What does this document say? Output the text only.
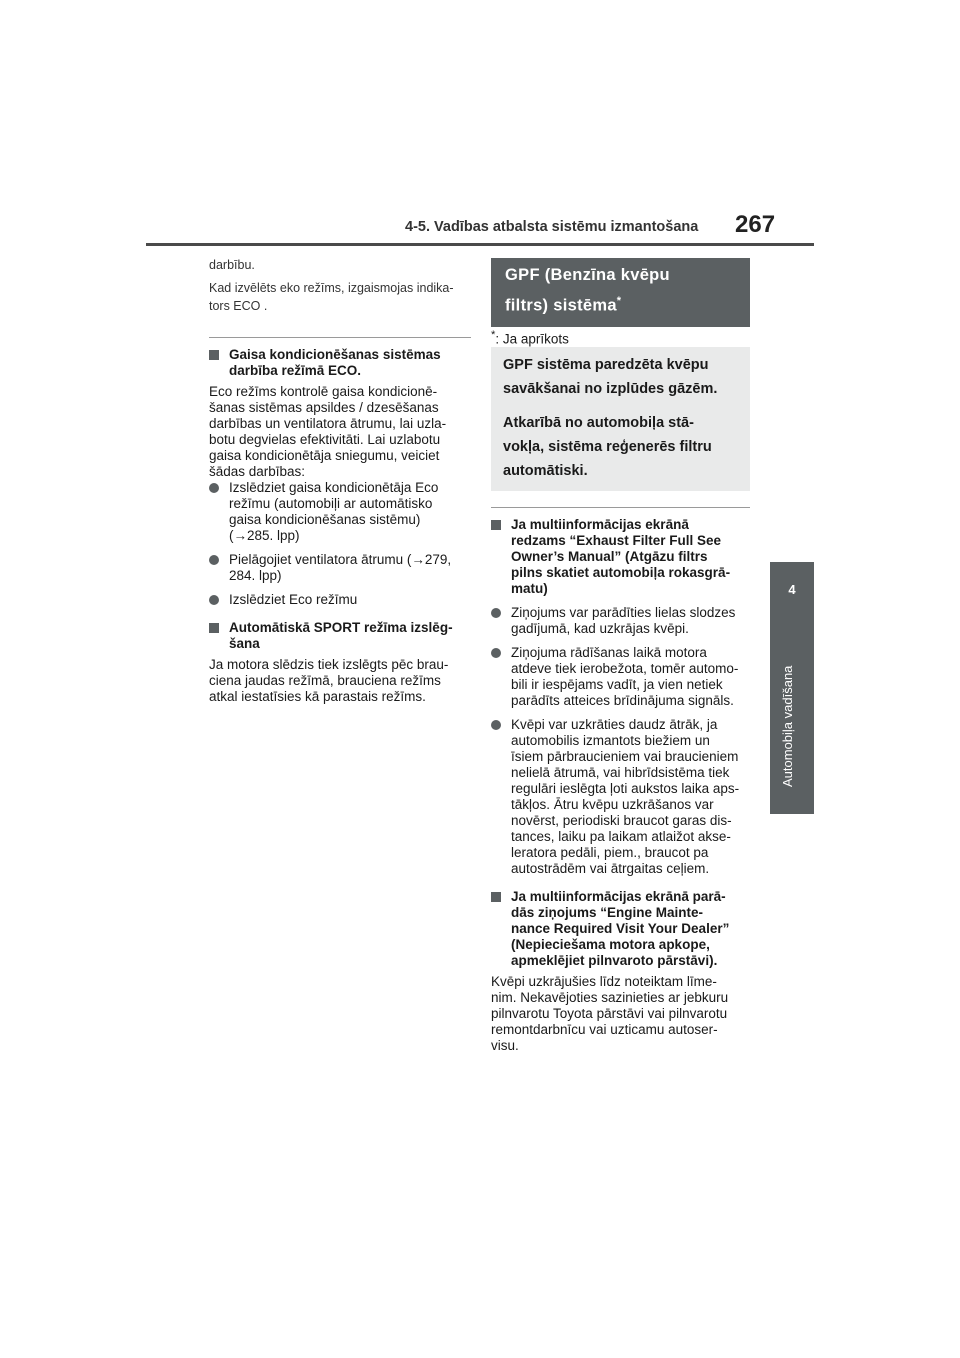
4-5. Vadības atbalsta sistēmu izmantošana 267
4
Automobiļa vadīšana

darbību.

Kad izvēlēts eko režīms, izgaismojas indika-
tors ECO .

Gaisa kondicionēšanas sistēmas
darbība režīmā ECO.

Eco režīms kontrolē gaisa kondicionē-
šanas sistēmas apsildes / dzesēšanas
darbības un ventilatora ātrumu, lai uzla-
botu degvielas efektivitāti. Lai uzlabotu
gaisa kondicionētāja sniegumu, veiciet
šādas darbības:

Izslēdziet gaisa kondicionētāja Eco
režīmu (automobiļi ar automātisko
gaisa kondicionēšanas sistēmu)
(→285. lpp)
Pielāgojiet ventilatora ātrumu (→279,
284. lpp)
Izslēdziet Eco režīmu
Automātiskā SPORT režīma izslēg-
šana

Ja motora slēdzis tiek izslēgts pēc brau-
ciena jaudas režīmā, brauciena režīms
atkal iestatīsies kā parastais režīms.

GPF (Benzīna kvēpu
filtrs) sistēma*

*: Ja aprīkots

GPF sistēma paredzēta kvēpu
savākšanai no izplūdes gāzēm.

Atkarībā no automobiļa stā-
vokļa, sistēma reģenerēs filtru
automātiski.

Ja multiinformācijas ekrānā
redzams “Exhaust Filter Full See
Owner’s Manual” (Atgāzu filtrs
pilns skatiet automobiļa rokasgrā-
matu)
Ziņojums var parādīties lielas slodzes
gadījumā, kad uzkrājas kvēpi.
Ziņojuma rādīšanas laikā motora
atdeve tiek ierobežota, tomēr automo-
bili ir iespējams vadīt, ja vien netiek
parādīts atteices brīdinājuma signāls.
Kvēpi var uzkrāties daudz ātrāk, ja
automobilis izmantots biežiem un
īsiem pārbraucieniem vai braucieniem
nelielā ātrumā, vai hibrīdsistēma tiek
regulāri ieslēgta ļoti aukstos laika aps-
tākļos. Ātru kvēpu uzkrāšanos var
novērst, periodiski braucot garas dis-
tances, laiku pa laikam atlaižot akse-
leratora pedāli, piem., braucot pa
autostrādēm vai ātrgaitas ceļiem.
Ja multiinformācijas ekrānā parā-
dās ziņojums “Engine Mainte-
nance Required Visit Your Dealer”
(Nepieciešama motora apkope,
apmeklējiet pilnvaroto pārstāvi).

Kvēpi uzkrājušies līdz noteiktam līme-
nim. Nekavējoties sazinieties ar jebkuru
pilnvarotu Toyota pārstāvi vai pilnvarotu
remontdarbnīcu vai uzticamu autoser-
visu.
